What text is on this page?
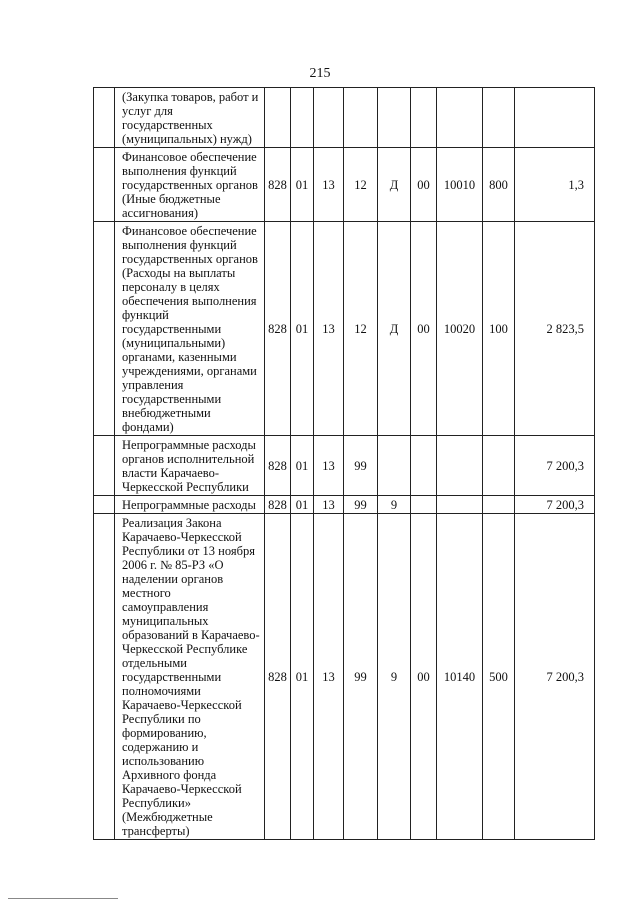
215
	(Закупка товаров, работ и услуг для государственных (муниципальных) нужд)									
	Финансовое обеспечение выполнения функций государственных органов (Иные бюджетные ассигнования)	828	01	13	12	Д	00	10010	800	1,3
	Финансовое обеспечение выполнения функций государственных органов (Расходы на выплаты персоналу в целях обеспечения выполнения функций государственными (муниципальными) органами, казенными учреждениями, органами управления государственными внебюджетными фондами)	828	01	13	12	Д	00	10020	100	2 823,5
	Непрограммные расходы органов исполнительной власти Карачаево-Черкесской Республики	828	01	13	99					7 200,3
	Непрограммные расходы	828	01	13	99	9				7 200,3
	Реализация Закона Карачаево-Черкесской Республики от 13 ноября 2006 г. № 85-РЗ «О наделении органов местного самоуправления муниципальных образований в Карачаево-Черкесской Республике отдельными государственными полномочиями Карачаево-Черкесской Республики по формированию, содержанию и использованию Архивного фонда Карачаево-Черкесской Республики» (Межбюджетные трансферты)	828	01	13	99	9	00	10140	500	7 200,3
